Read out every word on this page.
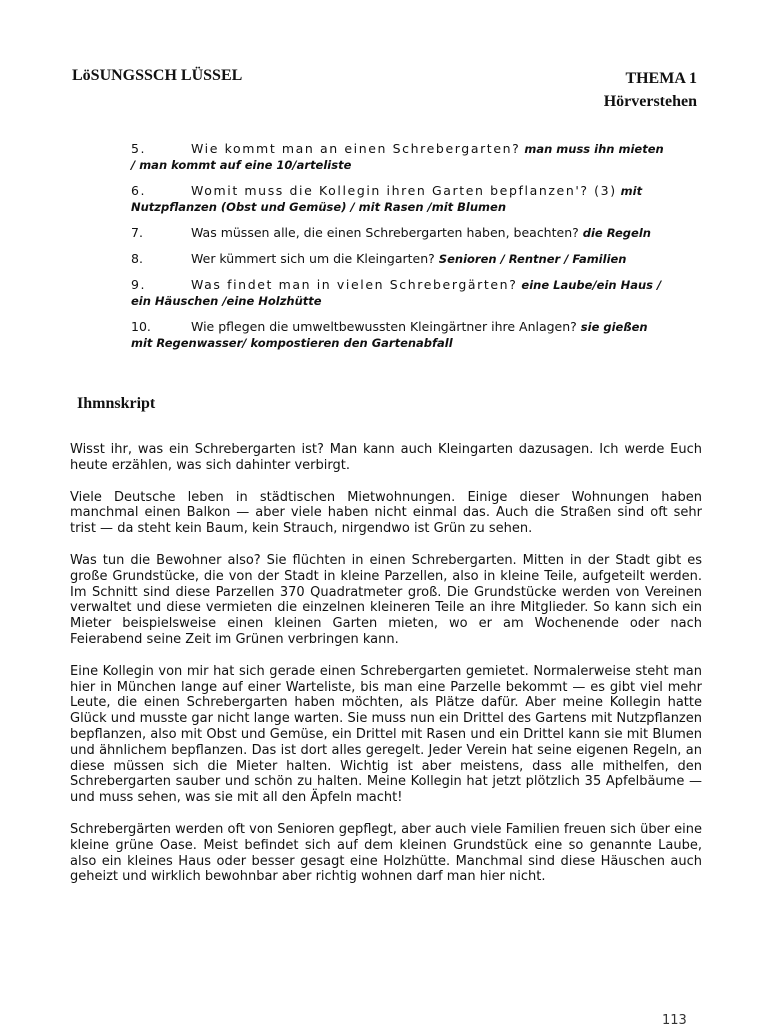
LöSUNGSSCH LÜSSEL	THEMA 1
Hörverstehen
5.	Wie kommt man an einen Schrebergarten? man muss ihn mieten / man kommt auf eine 10/arteliste
6.	Womit muss die Kollegin ihren Garten bepflanzen'? (3) mit Nutzpflanzen (Obst und Gemüse) / mit Rasen /mit Blumen
7.	Was müssen alle, die einen Schrebergarten haben, beachten? die Regeln
8.	Wer kümmert sich um die Kleingarten? Senioren / Rentner / Familien
9.	Was findet man in vielen Schrebergärten? eine Laube/ein Haus / ein Häuschen /eine Holzhütte
10.	Wie pflegen die umweltbewussten Kleingärtner ihre Anlagen? sie gießen mit Regenwasser/ kompostieren den Gartenabfall
Ihmnskript

Wisst ihr, was ein Schrebergarten ist? Man kann auch Kleingarten dazusagen. Ich werde Euch heute erzählen, was sich dahinter verbirgt.

Viele Deutsche leben in städtischen Mietwohnungen. Einige dieser Wohnungen haben manchmal einen Balkon — aber viele haben nicht einmal das. Auch die Straßen sind oft sehr trist — da steht kein Baum, kein Strauch, nirgendwo ist Grün zu sehen.

Was tun die Bewohner also? Sie flüchten in einen Schrebergarten. Mitten in der Stadt gibt es große Grundstücke, die von der Stadt in kleine Parzellen, also in kleine Teile, aufgeteilt werden. Im Schnitt sind diese Parzellen 370 Quadratmeter groß. Die Grundstücke werden von Vereinen verwaltet und diese vermieten die einzelnen kleineren Teile an ihre Mitglieder. So kann sich ein Mieter beispielsweise einen kleinen Garten mieten, wo er am Wochenende oder nach Feierabend seine Zeit im Grünen verbringen kann.

Eine Kollegin von mir hat sich gerade einen Schrebergarten gemietet. Normalerweise steht man hier in München lange auf einer Warteliste, bis man eine Parzelle bekommt — es gibt viel mehr Leute, die einen Schrebergarten haben möchten, als Plätze dafür. Aber meine Kollegin hatte Glück und musste gar nicht lange warten. Sie muss nun ein Drittel des Gartens mit Nutzpflanzen bepflanzen, also mit Obst und Gemüse, ein Drittel mit Rasen und ein Drittel kann sie mit Blumen und ähnlichem bepflanzen. Das ist dort alles geregelt. Jeder Verein hat seine eigenen Regeln, an diese müssen sich die Mieter halten. Wichtig ist aber meistens, dass alle mithelfen, den Schrebergarten sauber und schön zu halten. Meine Kollegin hat jetzt plötzlich 35 Apfelbäume — und muss sehen, was sie mit all den Äpfeln macht!

Schrebergärten werden oft von Senioren gepflegt, aber auch viele Familien freuen sich über eine kleine grüne Oase. Meist befindet sich auf dem kleinen Grundstück eine so genannte Laube, also ein kleines Haus oder besser gesagt eine Holzhütte. Manchmal sind diese Häuschen auch geheizt und wirklich bewohnbar aber richtig wohnen darf man hier nicht.

113
